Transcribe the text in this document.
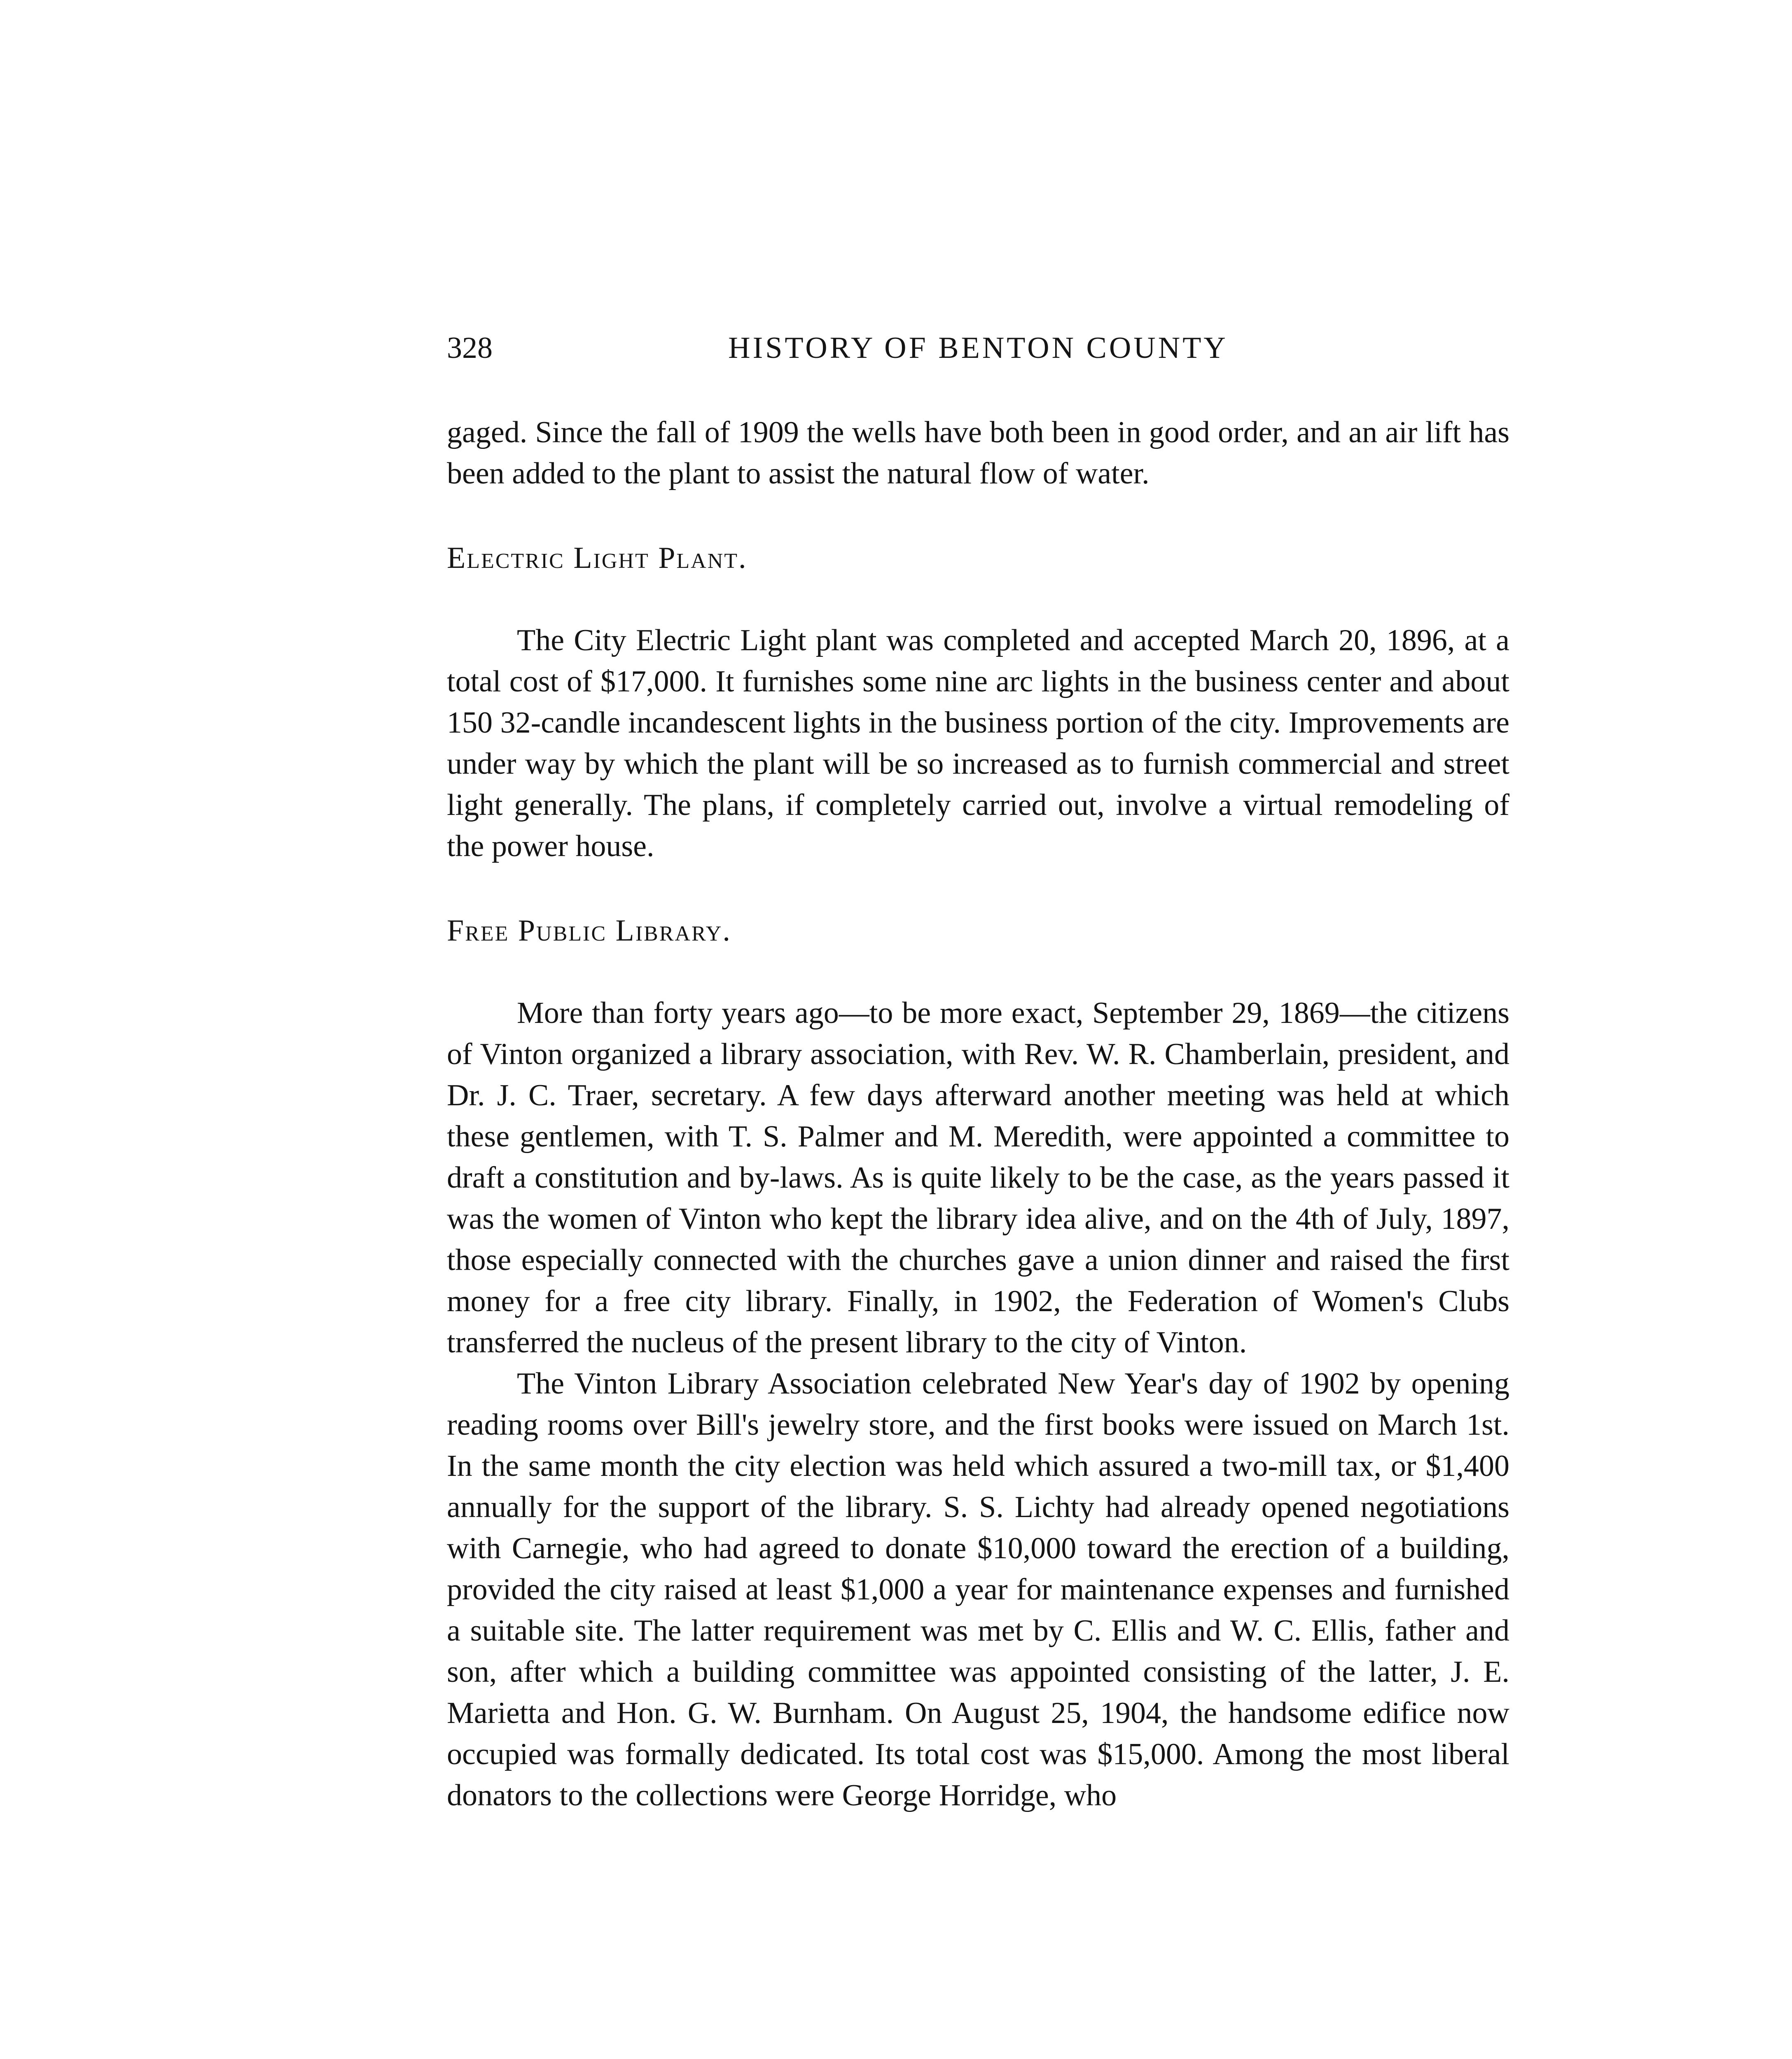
328	HISTORY OF BENTON COUNTY

gaged. Since the fall of 1909 the wells have both been in good order, and an air lift has been added to the plant to assist the natural flow of water.

Electric Light Plant.

The City Electric Light plant was completed and accepted March 20, 1896, at a total cost of $17,000. It furnishes some nine arc lights in the business center and about 150 32-candle incandescent lights in the business portion of the city. Improvements are under way by which the plant will be so increased as to furnish commercial and street light generally. The plans, if completely carried out, involve a virtual remodeling of the power house.

Free Public Library.

More than forty years ago—to be more exact, September 29, 1869—the citizens of Vinton organized a library association, with Rev. W. R. Chamberlain, president, and Dr. J. C. Traer, secretary. A few days afterward another meeting was held at which these gentlemen, with T. S. Palmer and M. Meredith, were appointed a committee to draft a constitution and by-laws. As is quite likely to be the case, as the years passed it was the women of Vinton who kept the library idea alive, and on the 4th of July, 1897, those especially connected with the churches gave a union dinner and raised the first money for a free city library. Finally, in 1902, the Federation of Women's Clubs transferred the nucleus of the present library to the city of Vinton.

The Vinton Library Association celebrated New Year's day of 1902 by opening reading rooms over Bill's jewelry store, and the first books were issued on March 1st. In the same month the city election was held which assured a two-mill tax, or $1,400 annually for the support of the library. S. S. Lichty had already opened negotiations with Carnegie, who had agreed to donate $10,000 toward the erection of a building, provided the city raised at least $1,000 a year for maintenance expenses and furnished a suitable site. The latter requirement was met by C. Ellis and W. C. Ellis, father and son, after which a building committee was appointed consisting of the latter, J. E. Marietta and Hon. G. W. Burnham. On August 25, 1904, the handsome edifice now occupied was formally dedicated. Its total cost was $15,000. Among the most liberal donators to the collections were George Horridge, who
